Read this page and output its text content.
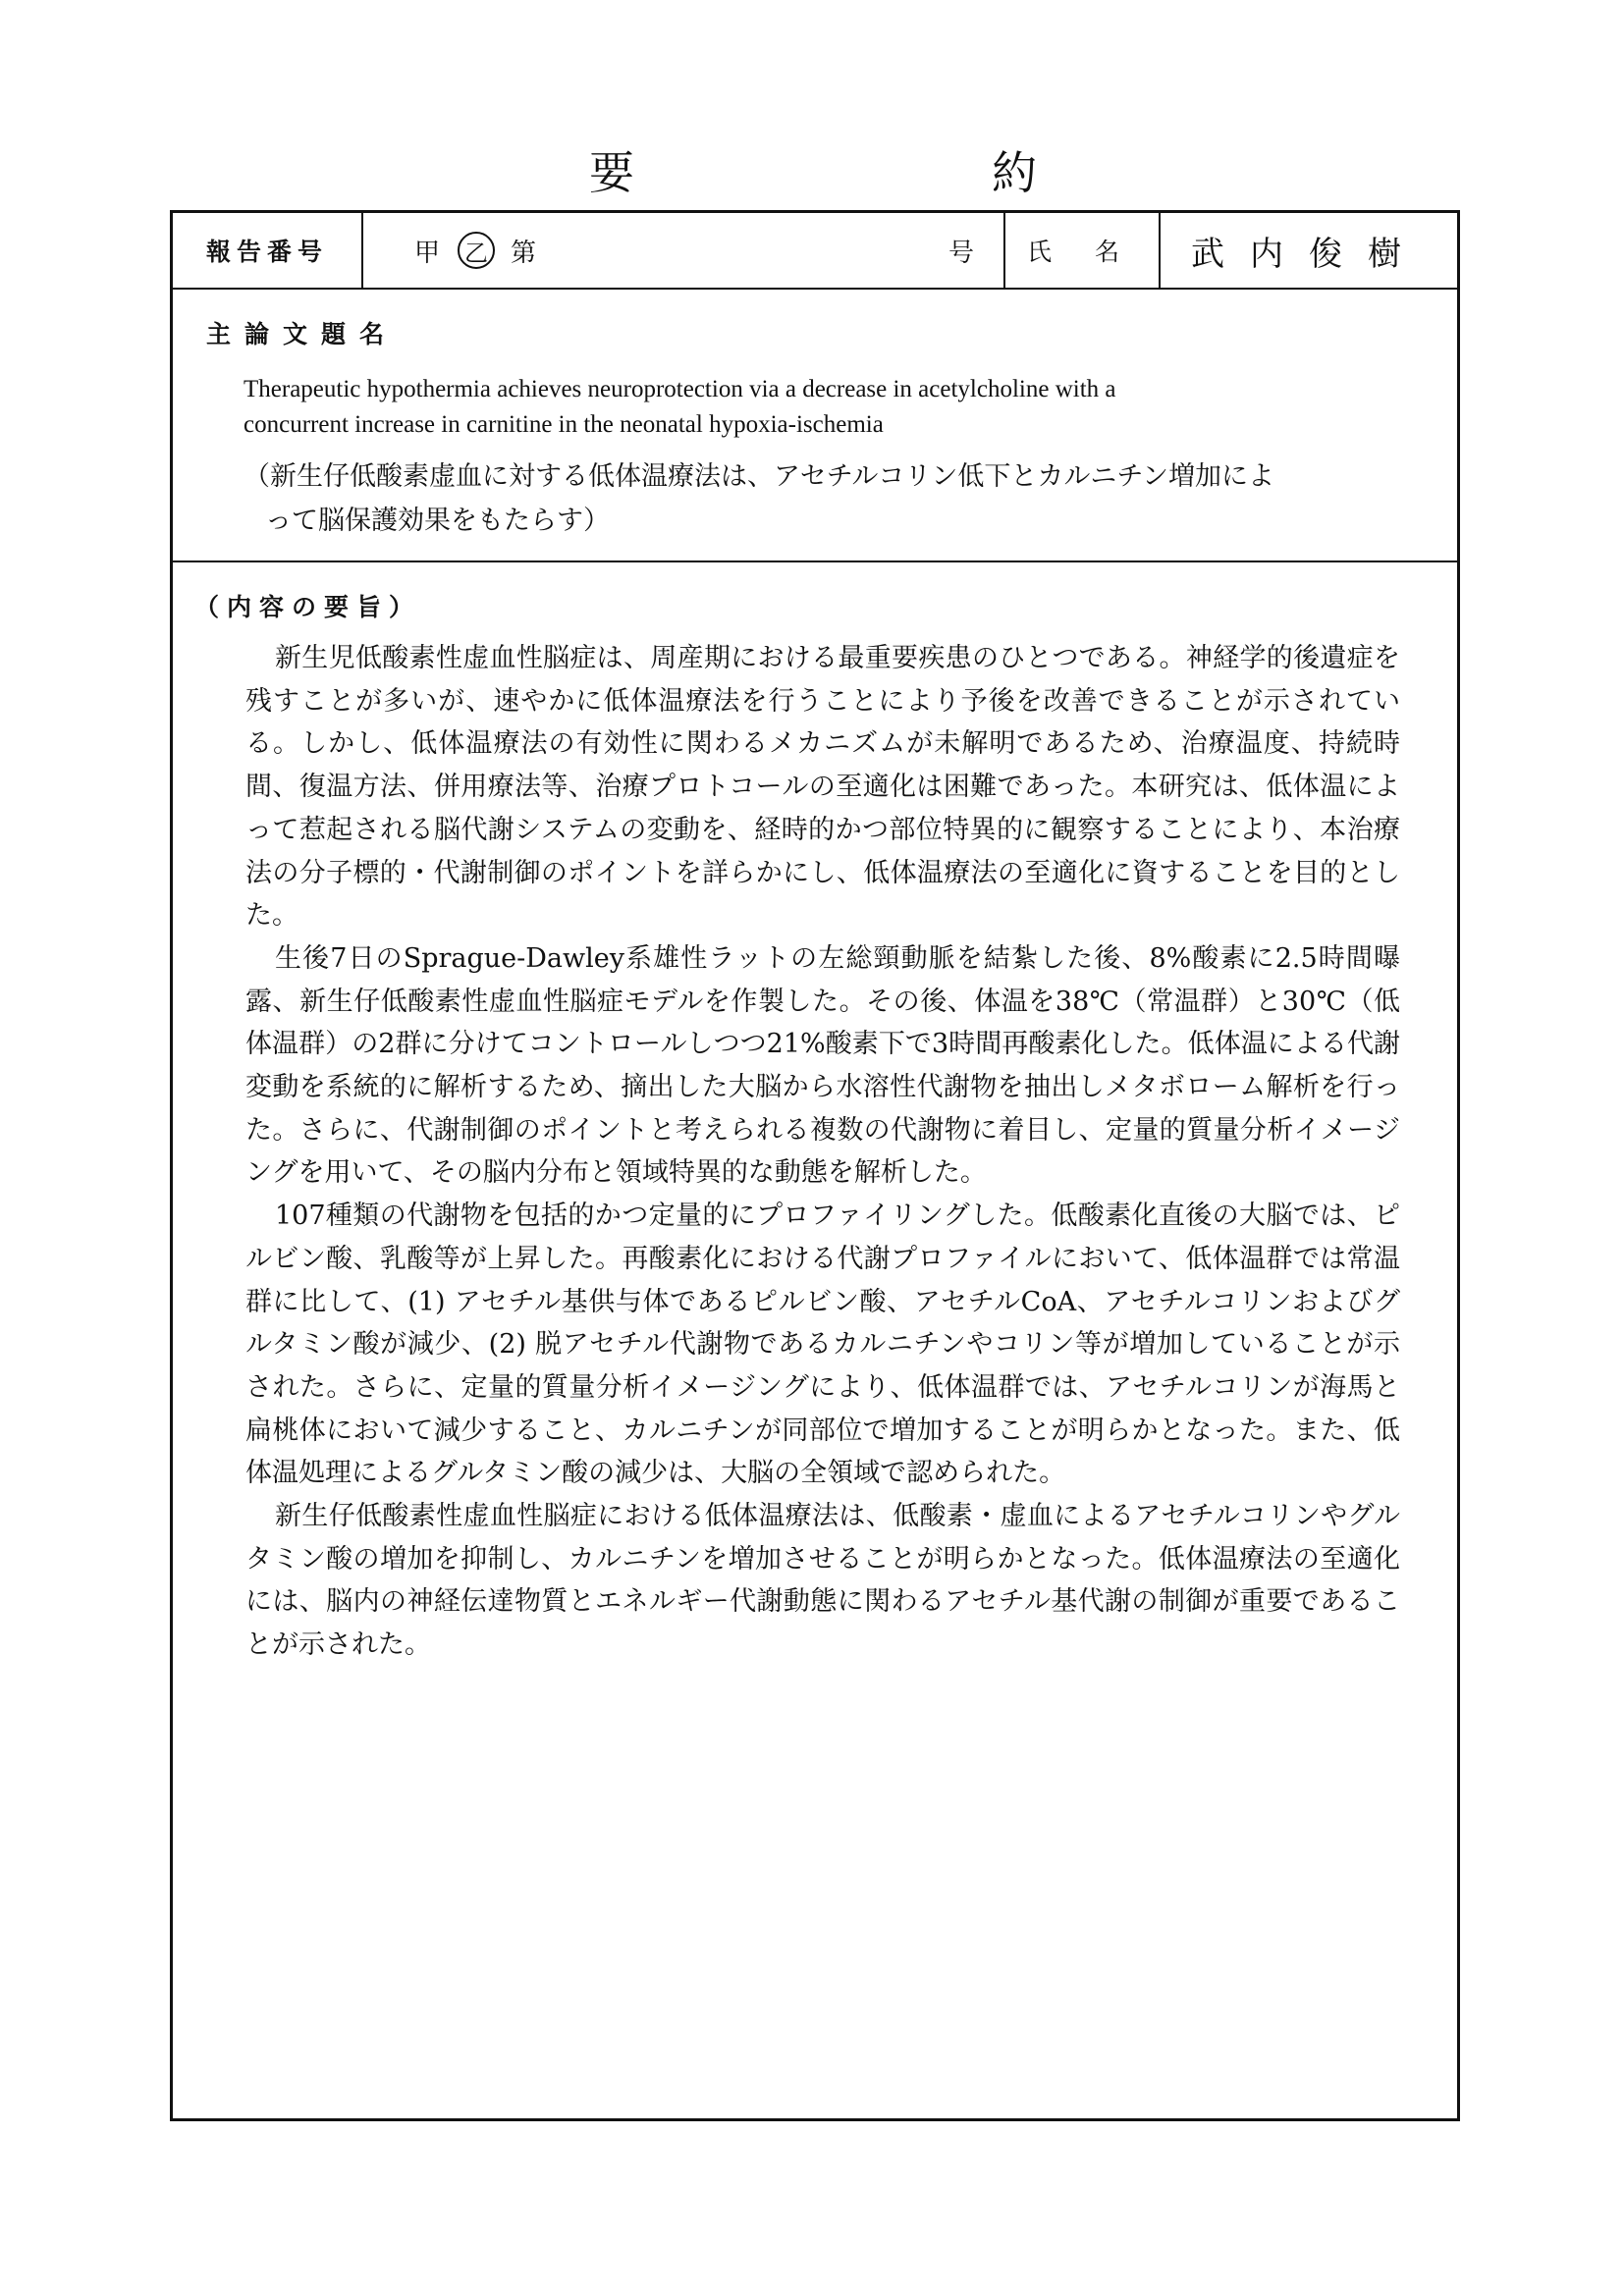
要	約
報告番号	甲 乙 第	号	氏 名	武内俊樹
主論文題名

Therapeutic hypothermia achieves neuroprotection via a decrease in acetylcholine with a

concurrent increase in carnitine in the neonatal hypoxia-ischemia

（新生仔低酸素虚血に対する低体温療法は、アセチルコリン低下とカルニチン増加によ

って脳保護効果をもたらす）

（内容の要旨）

新生児低酸素性虚血性脳症は、周産期における最重要疾患のひとつである。神経学的後遺症を残すことが多いが、速やかに低体温療法を行うことにより予後を改善できることが示されている。しかし、低体温療法の有効性に関わるメカニズムが未解明であるため、治療温度、持続時間、復温方法、併用療法等、治療プロトコールの至適化は困難であった。本研究は、低体温によって惹起される脳代謝システムの変動を、経時的かつ部位特異的に観察することにより、本治療法の分子標的・代謝制御のポイントを詳らかにし、低体温療法の至適化に資することを目的とした。

生後7日のSprague-Dawley系雄性ラットの左総頸動脈を結紮した後、8%酸素に2.5時間曝露、新生仔低酸素性虚血性脳症モデルを作製した。その後、体温を38℃（常温群）と30℃（低体温群）の2群に分けてコントロールしつつ21%酸素下で3時間再酸素化した。低体温による代謝変動を系統的に解析するため、摘出した大脳から水溶性代謝物を抽出しメタボローム解析を行った。さらに、代謝制御のポイントと考えられる複数の代謝物に着目し、定量的質量分析イメージングを用いて、その脳内分布と領域特異的な動態を解析した。

107種類の代謝物を包括的かつ定量的にプロファイリングした。低酸素化直後の大脳では、ピルビン酸、乳酸等が上昇した。再酸素化における代謝プロファイルにおいて、低体温群では常温群に比して、(1) アセチル基供与体であるピルビン酸、アセチルCoA、アセチルコリンおよびグルタミン酸が減少、(2) 脱アセチル代謝物であるカルニチンやコリン等が増加していることが示された。さらに、定量的質量分析イメージングにより、低体温群では、アセチルコリンが海馬と扁桃体において減少すること、カルニチンが同部位で増加することが明らかとなった。また、低体温処理によるグルタミン酸の減少は、大脳の全領域で認められた。

新生仔低酸素性虚血性脳症における低体温療法は、低酸素・虚血によるアセチルコリンやグルタミン酸の増加を抑制し、カルニチンを増加させることが明らかとなった。低体温療法の至適化には、脳内の神経伝達物質とエネルギー代謝動態に関わるアセチル基代謝の制御が重要であることが示された。
